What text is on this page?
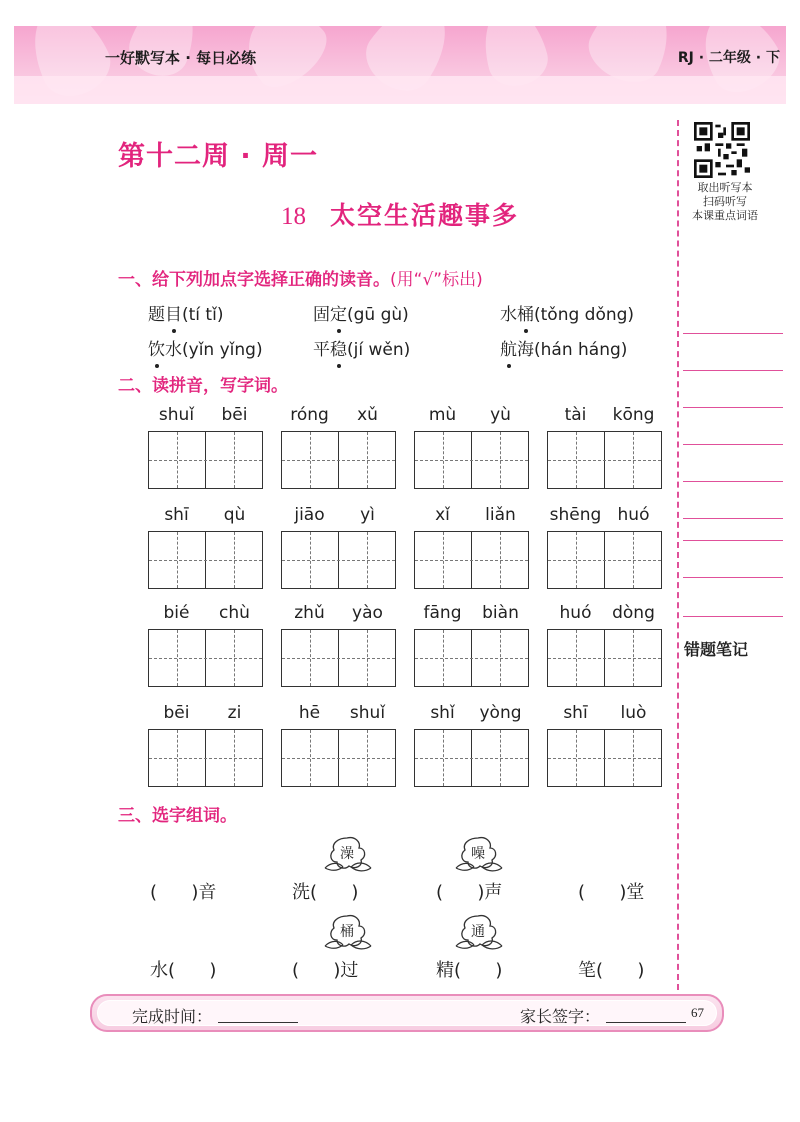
一好默写本 · 每日必练	RJ · 二年级 · 下
取出听写本
扫码听写
本课重点词语
错题笔记
第十二周 · 周一
18 太空生活趣事多
一、给下列加点字选择正确的读音。(用“√”标出)
题目(tí tǐ)	固定(gū gù)	水桶(tǒng dǒng)
饮水(yǐn yǐng)	平稳(jí wěn)	航海(hán háng)
二、读拼音，写字词。
shuǐ	bēi	róng	xǔ	mù	yù	tài	kōng
shī	qù	jiāo	yì	xǐ	liǎn	shēng huó
bié	chù	zhǔ	yào	fāng	biàn	huó	dòng
bēi	zi	hē	shuǐ	shǐ	yòng	shī	luò
三、选字组词。
澡	噪
(      )音	洗(      )	(      )声	(      )堂
桶	通
水(      )	(      )过	精(      )	笔(      )
完成时间：	家长签字：	67
